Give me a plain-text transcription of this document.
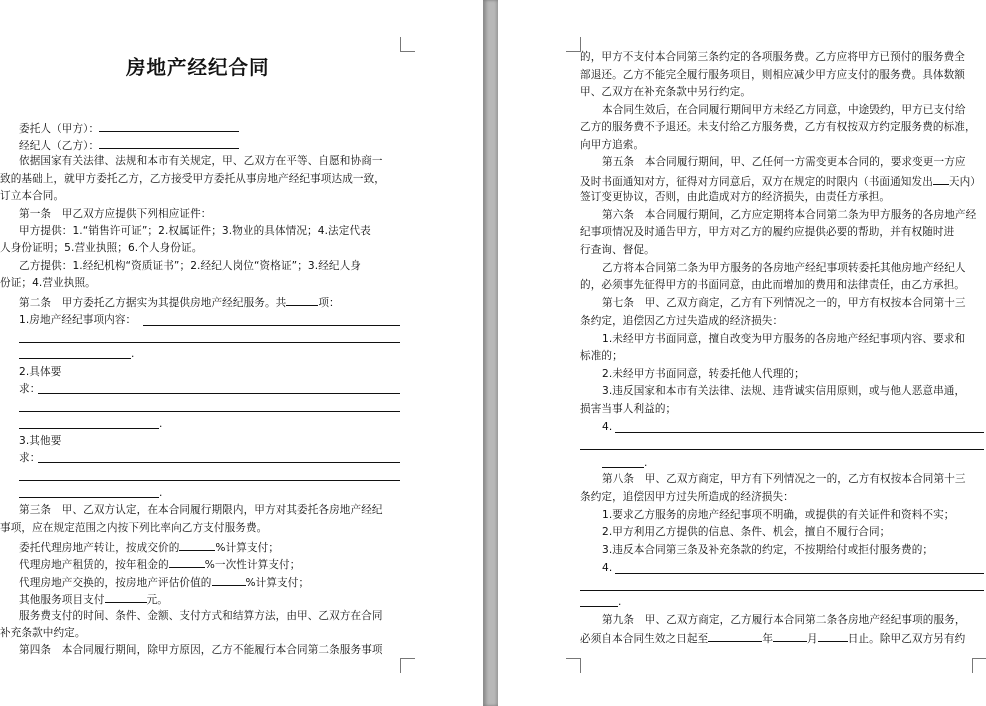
房地产经纪合同
委托人（甲方）：
经纪人（乙方）：
依据国家有关法律、法规和本市有关规定，甲、乙双方在平等、自愿和协商一
致的基础上，就甲方委托乙方，乙方接受甲方委托从事房地产经纪事项达成一致，
订立本合同。
第一条　甲乙双方应提供下列相应证件：
甲方提供：1.“销售许可证”；2.权属证件；3.物业的具体情况；4.法定代表
人身份证明；5.营业执照；6.个人身份证。
乙方提供：1.经纪机构“资质证书”；2.经纪人岗位“资格证”；3.经纪人身
份证；4.营业执照。
第二条　甲方委托乙方据实为其提供房地产经纪服务。共	项：
1.房地产经纪事项内容：
.
2.具体要
求：
.
3.其他要
求：
.
第三条　甲、乙双方认定，在本合同履行期限内，甲方对其委托各房地产经纪
事项，应在规定范围之内按下列比率向乙方支付服务费。
委托代理房地产转让，按成交价的	%计算支付；
代理房地产租赁的，按年租金的	%一次性计算支付；
代理房地产交换的，按房地产评估价值的	%计算支付；
其他服务项目支付	元。
服务费支付的时间、条件、金额、支付方式和结算方法，由甲、乙双方在合同
补充条款中约定。
第四条　本合同履行期间，除甲方原因，乙方不能履行本合同第二条服务事项
的，甲方不支付本合同第三条约定的各项服务费。乙方应将甲方已预付的服务费全
部退还。乙方不能完全履行服务项目，则相应减少甲方应支付的服务费。具体数额
甲、乙双方在补充条款中另行约定。
本合同生效后，在合同履行期间甲方未经乙方同意，中途毁约，甲方已支付给
乙方的服务费不予退还。未支付给乙方服务费，乙方有权按双方约定服务费的标准，
向甲方追索。
第五条　本合同履行期间，甲、乙任何一方需变更本合同的，要求变更一方应
及时书面通知对方，征得对方同意后，双方在规定的时限内（书面通知发出 天内）
签订变更协议，否则，由此造成对方的经济损失，由责任方承担。
第六条　本合同履行期间，乙方应定期将本合同第二条为甲方服务的各房地产经
纪事项情况及时通告甲方，甲方对乙方的履约应提供必要的帮助，并有权随时进
行查询、督促。
乙方将本合同第二条为甲方服务的各房地产经纪事项转委托其他房地产经纪人
的，必须事先征得甲方的书面同意，由此而增加的费用和法律责任，由乙方承担。
第七条　甲、乙双方商定，乙方有下列情况之一的，甲方有权按本合同第十三
条约定，追偿因乙方过失造成的经济损失：
1.未经甲方书面同意，擅自改变为甲方服务的各房地产经纪事项内容、要求和
标准的；
2.未经甲方书面同意，转委托他人代理的；
3.违反国家和本市有关法律、法规、违背诚实信用原则，或与他人恶意串通，
损害当事人利益的；
4.
.
第八条　甲、乙双方商定，甲方有下列情况之一的，乙方有权按本合同第十三
条约定，追偿因甲方过失所造成的经济损失：
1.要求乙方服务的房地产经纪事项不明确，或提供的有关证件和资料不实；
2.甲方利用乙方提供的信息、条件、机会，擅自不履行合同；
3.违反本合同第三条及补充条款的约定，不按期给付或拒付服务费的；
4.
.
第九条　甲、乙双方商定，乙方履行本合同第二条各房地产经纪事项的服务，
必须自本合同生效之日起至	年	月	日止。除甲乙双方另有约
